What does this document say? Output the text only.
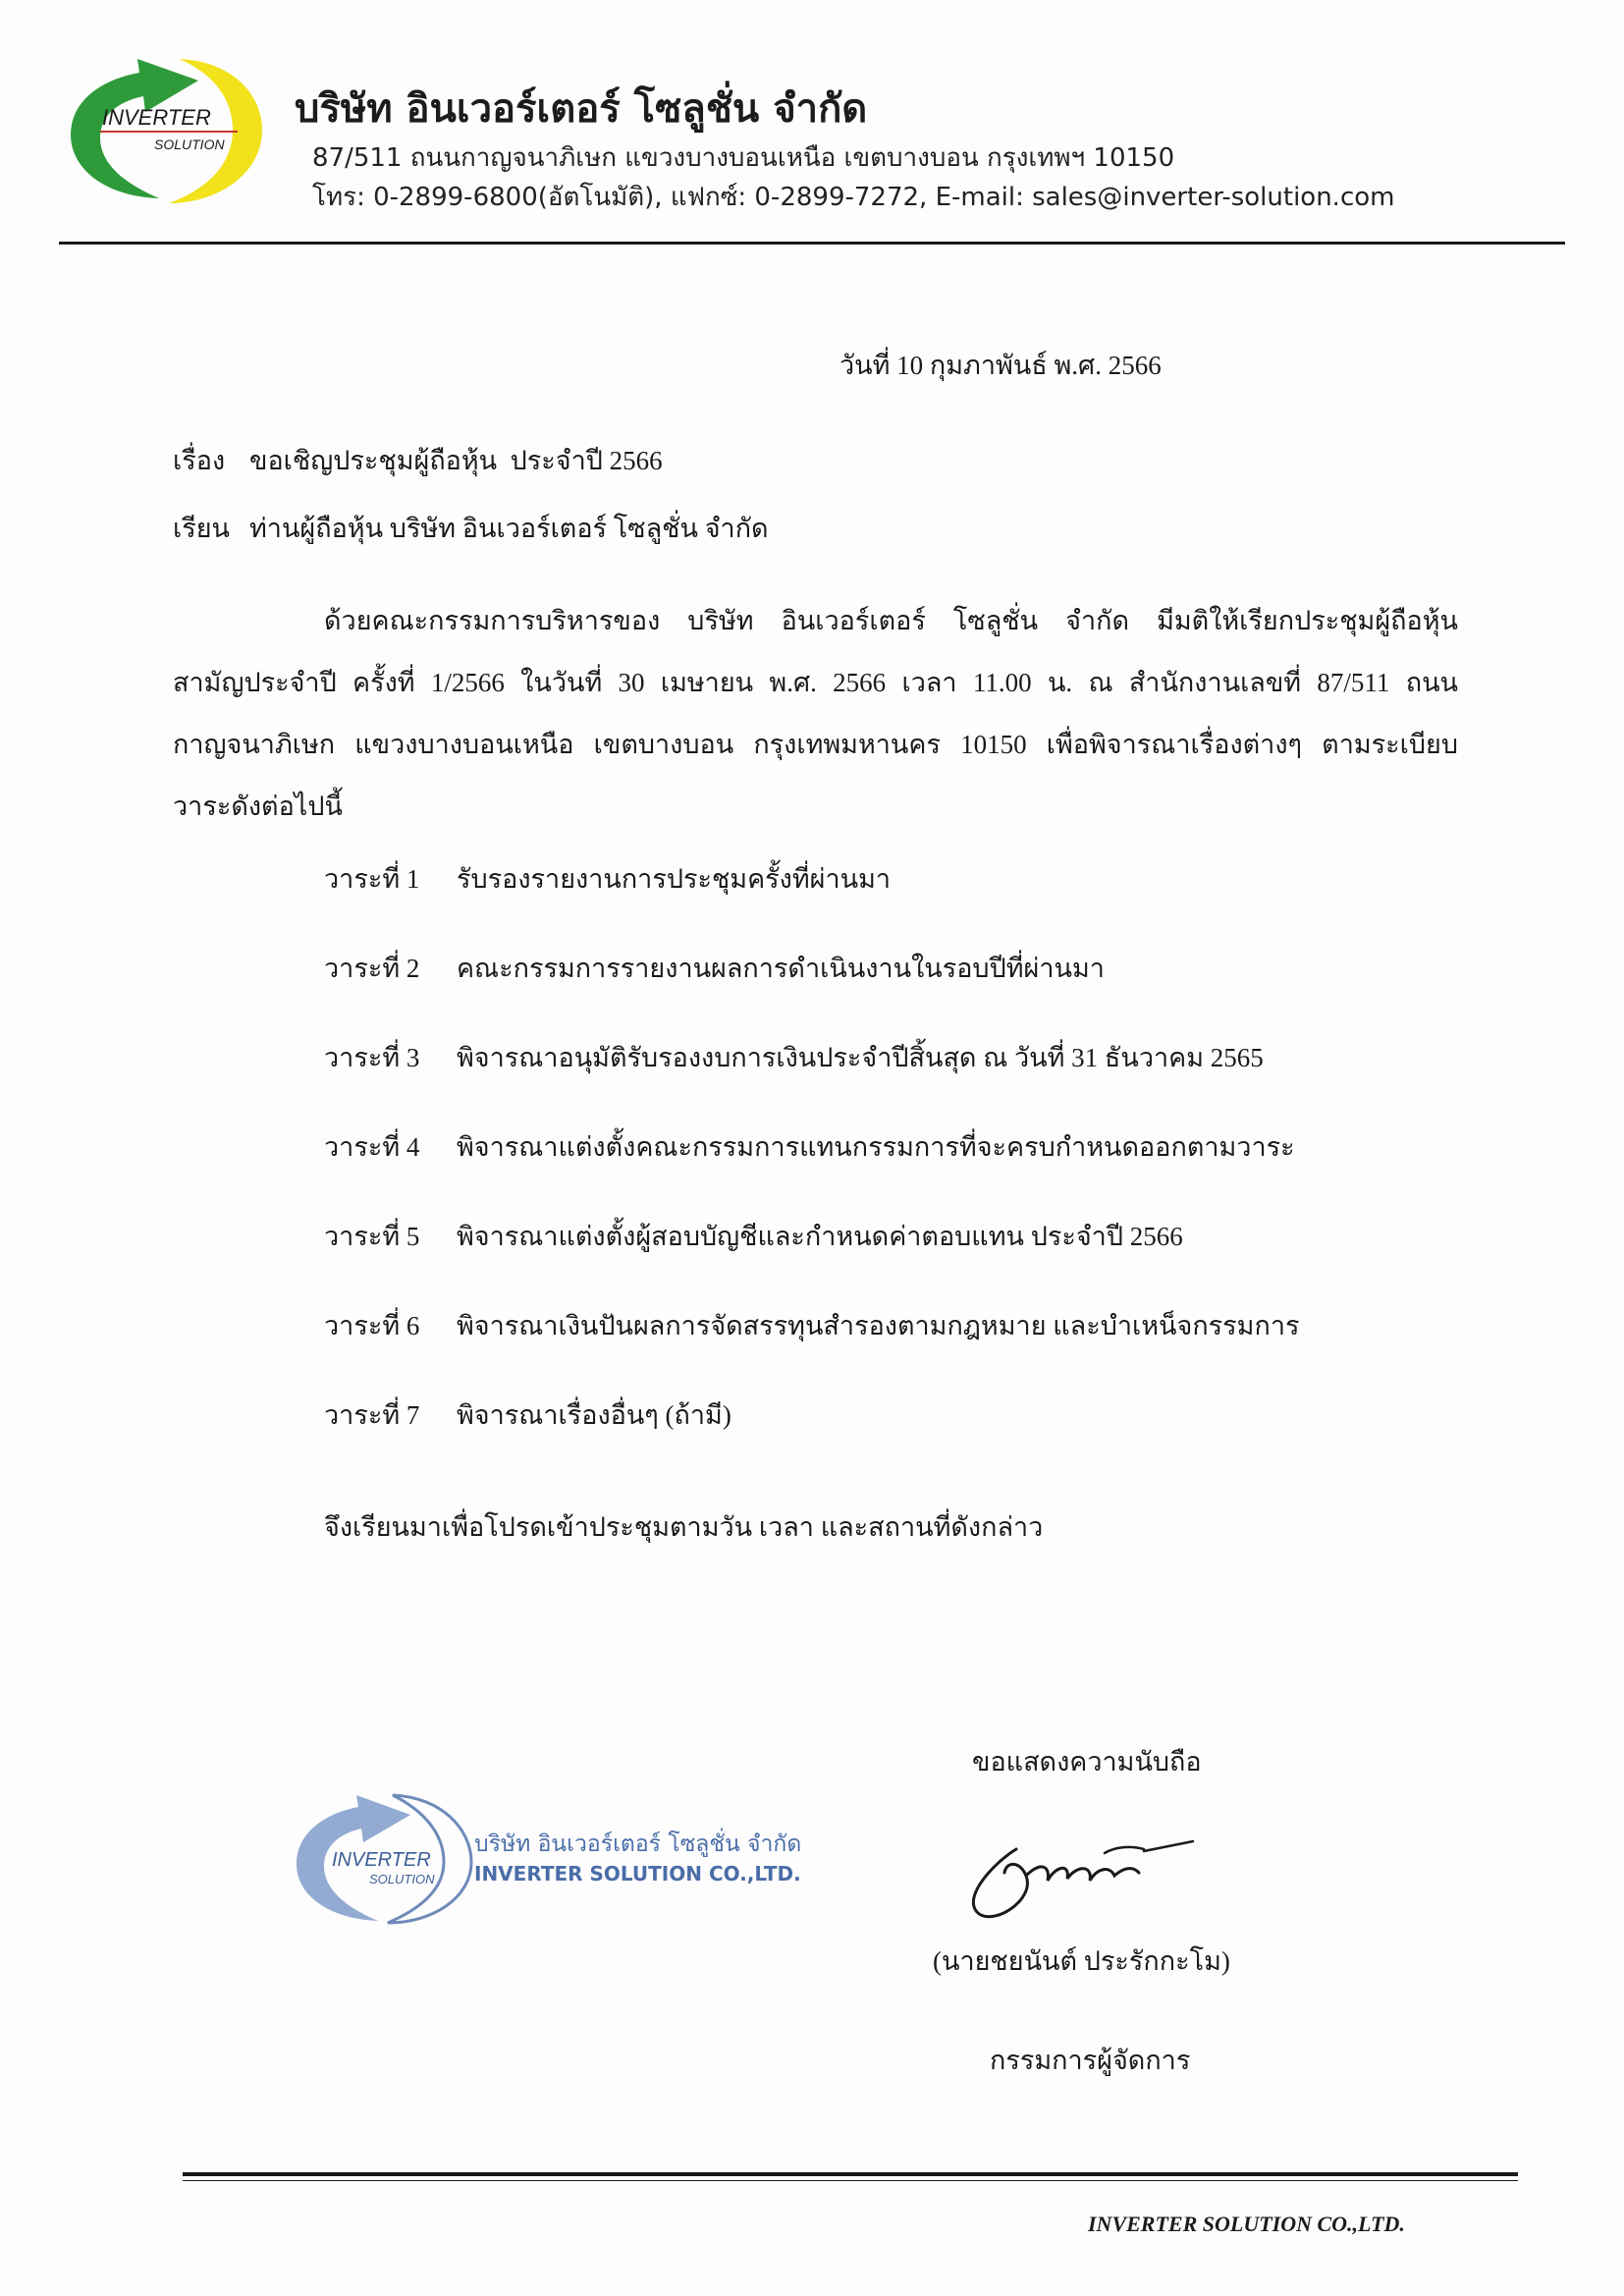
INVERTER
SOLUTION
บริษัท อินเวอร์เตอร์ โซลูชั่น จำกัด
87/511 ถนนกาญจนาภิเษก แขวงบางบอนเหนือ เขตบางบอน กรุงเทพฯ 10150
โทร: 0-2899-6800(อัตโนมัติ), แฟกซ์: 0-2899-7272, E-mail: sales@inverter-solution.com
วันที่ 10 กุมภาพันธ์ พ.ศ. 2566
เรื่อง ขอเชิญประชุมผู้ถือหุ้น  ประจำปี 2566
เรียน ท่านผู้ถือหุ้น บริษัท อินเวอร์เตอร์ โซลูชั่น จำกัด
ด้วยคณะกรรมการบริหารของ บริษัท อินเวอร์เตอร์ โซลูชั่น จำกัด มีมติให้เรียกประชุมผู้ถือหุ้น
สามัญประจำปี ครั้งที่ 1/2566 ในวันที่ 30 เมษายน พ.ศ. 2566 เวลา 11.00 น. ณ สำนักงานเลขที่ 87/511 ถนน
กาญจนาภิเษก แขวงบางบอนเหนือ เขตบางบอน กรุงเทพมหานคร 10150 เพื่อพิจารณาเรื่องต่างๆ ตามระเบียบ
วาระดังต่อไปนี้
วาระที่ 1 รับรองรายงานการประชุมครั้งที่ผ่านมา
วาระที่ 2 คณะกรรมการรายงานผลการดำเนินงานในรอบปีที่ผ่านมา
วาระที่ 3 พิจารณาอนุมัติรับรองงบการเงินประจำปีสิ้นสุด ณ วันที่ 31 ธันวาคม 2565
วาระที่ 4 พิจารณาแต่งตั้งคณะกรรมการแทนกรรมการที่จะครบกำหนดออกตามวาระ
วาระที่ 5 พิจารณาแต่งตั้งผู้สอบบัญชีและกำหนดค่าตอบแทน ประจำปี 2566
วาระที่ 6 พิจารณาเงินปันผลการจัดสรรทุนสำรองตามกฎหมาย และบำเหน็จกรรมการ
วาระที่ 7 พิจารณาเรื่องอื่นๆ (ถ้ามี)
จึงเรียนมาเพื่อโปรดเข้าประชุมตามวัน เวลา และสถานที่ดังกล่าว
ขอแสดงความนับถือ
INVERTER
SOLUTION
บริษัท อินเวอร์เตอร์ โซลูชั่น จำกัด
INVERTER SOLUTION CO.,LTD.
(นายชยนันต์ ประรักกะโม)
กรรมการผู้จัดการ
INVERTER SOLUTION CO.,LTD.
